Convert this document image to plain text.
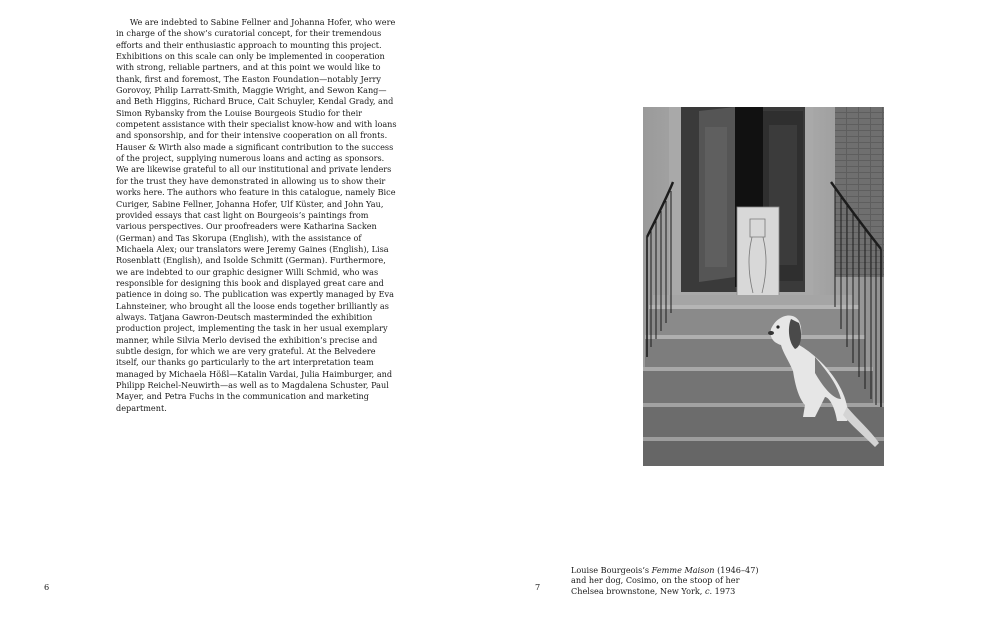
We are indebted to Sabine Fellner and Johanna Hofer, who were in charge of the show’s curatorial concept, for their tremendous efforts and their enthusiastic approach to mounting this project. Exhibitions on this scale can only be implemented in cooperation with strong, reliable partners, and at this point we would like to thank, first and foremost, The Easton Foundation—notably Jerry Gorovoy, Philip Larratt-Smith, Maggie Wright, and Sewon Kang—and Beth Higgins, Richard Bruce, Cait Schuyler, Kendal Grady, and Simon Rybansky from the Louise Bourgeois Studio for their competent assistance with their specialist know-how and with loans and sponsorship, and for their intensive cooperation on all fronts. Hauser & Wirth also made a significant contribution to the success of the project, supplying numerous loans and acting as sponsors. We are likewise grateful to all our institutional and private lenders for the trust they have demonstrated in allowing us to show their works here. The authors who feature in this catalogue, namely Bice Curiger, Sabine Fellner, Johanna Hofer, Ulf Küster, and John Yau, provided essays that cast light on Bourgeois’s paintings from various perspectives. Our proofreaders were Katharina Sacken (German) and Tas Skorupa (English), with the assistance of Michaela Alex; our translators were Jeremy Gaines (English), Lisa Rosenblatt (English), and Isolde Schmitt (German). Furthermore, we are indebted to our graphic designer Willi Schmid, who was responsible for designing this book and displayed great care and patience in doing so. The publication was expertly managed by Eva Lahnsteiner, who brought all the loose ends together brilliantly as always. Tatjana Gawron-Deutsch masterminded the exhibition production project, implementing the task in her usual exemplary manner, while Silvia Merlo devised the exhibition’s precise and subtle design, for which we are very grateful. At the Belvedere itself, our thanks go particularly to the art interpretation team managed by Michaela Hößl—Katalin Vardai, Julia Haimburger, and Philipp Reichel-Neuwirth—as well as to Magdalena Schuster, Paul Mayer, and Petra Fuchs in the communication and marketing department.

6	7
Louise Bourgeois’s Femme Maison (1946–47) and her dog, Cosimo, on the stoop of her Chelsea brownstone, New York, c. 1973
